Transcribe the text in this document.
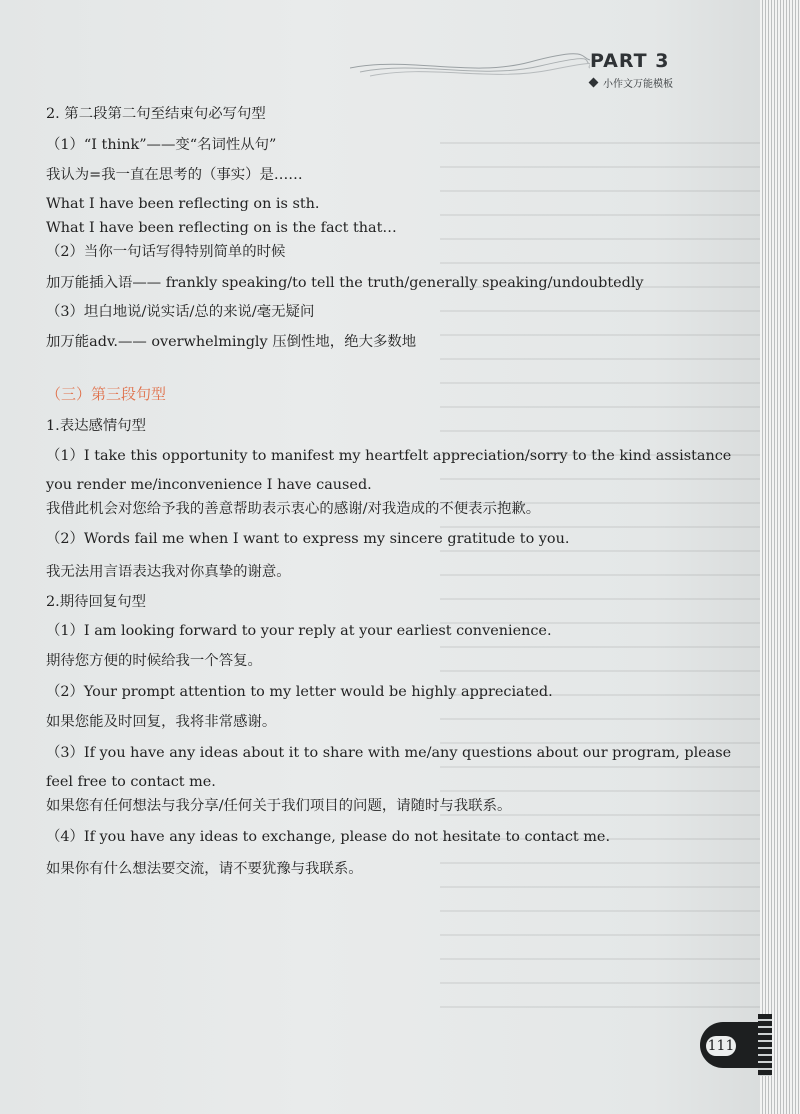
PART 3
小作文万能模板
2. 第二段第二句至结束句必写句型
（1）“I think”——变“名词性从句”
我认为=我一直在思考的（事实）是……
What I have been reflecting on is sth.
What I have been reflecting on is the fact that…
（2）当你一句话写得特别简单的时候
加万能插入语—— frankly speaking/to tell the truth/generally speaking/undoubtedly
（3）坦白地说/说实话/总的来说/毫无疑问
加万能adv.—— overwhelmingly 压倒性地，绝大多数地
（三）第三段句型
1.表达感情句型
（1）I take this opportunity to manifest my heartfelt appreciation/sorry to the kind assistance
you render me/inconvenience I have caused.
我借此机会对您给予我的善意帮助表示衷心的感谢/对我造成的不便表示抱歉。
（2）Words fail me when I want to express my sincere gratitude to you.
我无法用言语表达我对你真挚的谢意。
2.期待回复句型
（1）I am looking forward to your reply at your earliest convenience.
期待您方便的时候给我一个答复。
（2）Your prompt attention to my letter would be highly appreciated.
如果您能及时回复，我将非常感谢。
（3）If you have any ideas about it to share with me/any questions about our program, please
feel free to contact me.
如果您有任何想法与我分享/任何关于我们项目的问题，请随时与我联系。
（4）If you have any ideas to exchange, please do not hesitate to contact me.
如果你有什么想法要交流，请不要犹豫与我联系。
111
